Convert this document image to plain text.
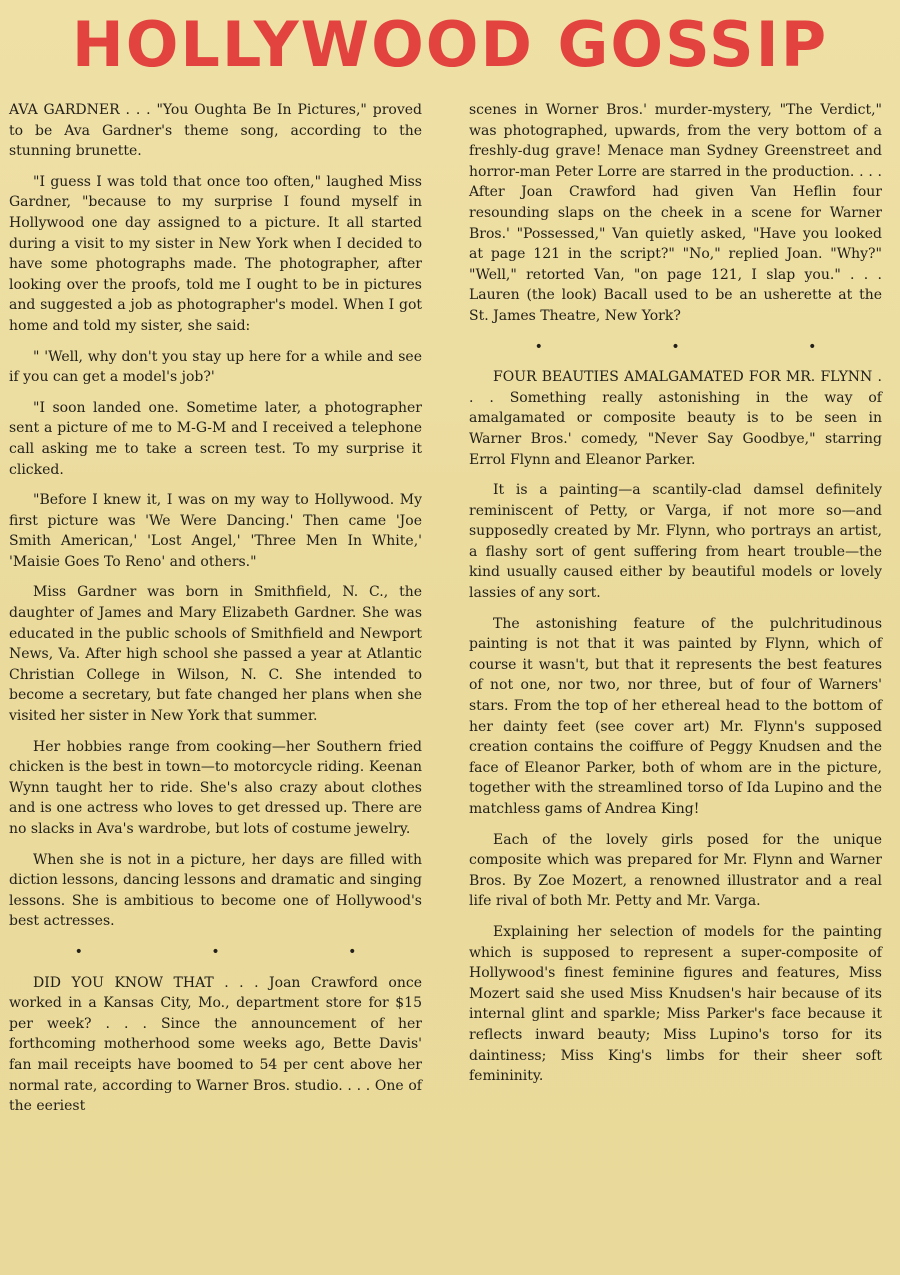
HOLLYWOOD GOSSIP

AVA GARDNER . . . "You Oughta Be In Pictures," proved to be Ava Gardner's theme song, according to the stunning brunette.

"I guess I was told that once too often," laughed Miss Gardner, "because to my surprise I found myself in Hollywood one day assigned to a picture. It all started during a visit to my sister in New York when I decided to have some photographs made. The photographer, after looking over the proofs, told me I ought to be in pictures and suggested a job as photographer's model. When I got home and told my sister, she said:

" 'Well, why don't you stay up here for a while and see if you can get a model's job?'

"I soon landed one. Sometime later, a photographer sent a picture of me to M-G-M and I received a telephone call asking me to take a screen test. To my surprise it clicked.

"Before I knew it, I was on my way to Hollywood. My first picture was 'We Were Dancing.' Then came 'Joe Smith American,' 'Lost Angel,' 'Three Men In White,' 'Maisie Goes To Reno' and others."

Miss Gardner was born in Smithfield, N. C., the daughter of James and Mary Elizabeth Gardner. She was educated in the public schools of Smithfield and Newport News, Va. After high school she passed a year at Atlantic Christian College in Wilson, N. C. She intended to become a secretary, but fate changed her plans when she visited her sister in New York that summer.

Her hobbies range from cooking—her Southern fried chicken is the best in town—to motorcycle riding. Keenan Wynn taught her to ride. She's also crazy about clothes and is one actress who loves to get dressed up. There are no slacks in Ava's wardrobe, but lots of costume jewelry.

When she is not in a picture, her days are filled with diction lessons, dancing lessons and dramatic and singing lessons. She is ambitious to become one of Hollywood's best actresses.

• • •

DID YOU KNOW THAT . . . Joan Crawford once worked in a Kansas City, Mo., department store for $15 per week? . . . Since the announcement of her forthcoming motherhood some weeks ago, Bette Davis' fan mail receipts have boomed to 54 per cent above her normal rate, according to Warner Bros. studio. . . . One of the eeriest

scenes in Worner Bros.' murder-mystery, "The Verdict," was photographed, upwards, from the very bottom of a freshly-dug grave! Menace man Sydney Greenstreet and horror-man Peter Lorre are starred in the production. . . . After Joan Crawford had given Van Heflin four resounding slaps on the cheek in a scene for Warner Bros.' "Possessed," Van quietly asked, "Have you looked at page 121 in the script?" "No," replied Joan. "Why?" "Well," retorted Van, "on page 121, I slap you." . . . Lauren (the look) Bacall used to be an usherette at the St. James Theatre, New York?

• • •

FOUR BEAUTIES AMALGAMATED FOR MR. FLYNN . . . Something really astonishing in the way of amalgamated or composite beauty is to be seen in Warner Bros.' comedy, "Never Say Goodbye," starring Errol Flynn and Eleanor Parker.

It is a painting—a scantily-clad damsel definitely reminiscent of Petty, or Varga, if not more so—and supposedly created by Mr. Flynn, who portrays an artist, a flashy sort of gent suffering from heart trouble—the kind usually caused either by beautiful models or lovely lassies of any sort.

The astonishing feature of the pulchritudinous painting is not that it was painted by Flynn, which of course it wasn't, but that it represents the best features of not one, nor two, nor three, but of four of Warners' stars. From the top of her ethereal head to the bottom of her dainty feet (see cover art) Mr. Flynn's supposed creation contains the coiffure of Peggy Knudsen and the face of Eleanor Parker, both of whom are in the picture, together with the streamlined torso of Ida Lupino and the matchless gams of Andrea King!

Each of the lovely girls posed for the unique composite which was prepared for Mr. Flynn and Warner Bros. By Zoe Mozert, a renowned illustrator and a real life rival of both Mr. Petty and Mr. Varga.

Explaining her selection of models for the painting which is supposed to represent a super-composite of Hollywood's finest feminine figures and features, Miss Mozert said she used Miss Knudsen's hair because of its internal glint and sparkle; Miss Parker's face because it reflects inward beauty; Miss Lupino's torso for its daintiness; Miss King's limbs for their sheer soft femininity.
